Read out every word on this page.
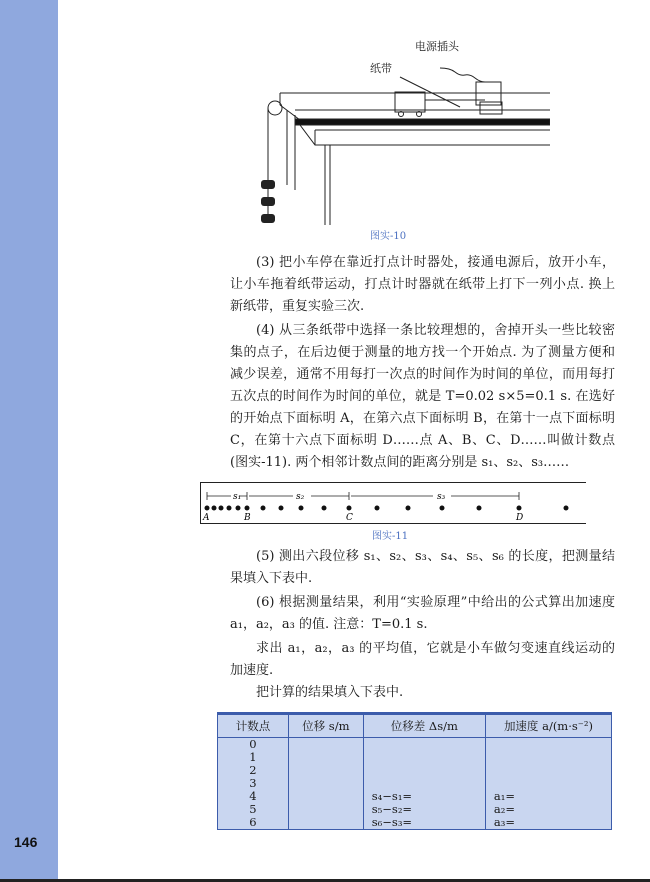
146
电源插头
纸带
图实-10

(3) 把小车停在靠近打点计时器处，接通电源后，放开小车，让小车拖着纸带运动，打点计时器就在纸带上打下一列小点. 换上新纸带，重复实验三次.

(4) 从三条纸带中选择一条比较理想的，舍掉开头一些比较密集的点子，在后边便于测量的地方找一个开始点. 为了测量方便和减少误差，通常不用每打一次点的时间作为时间的单位，而用每打五次点的时间作为时间的单位，就是 T=0.02 s×5=0.1 s. 在选好的开始点下面标明 A，在第六点下面标明 B，在第十一点下面标明 C，在第十六点下面标明 D……点 A、B、C、D……叫做计数点(图实-11). 两个相邻计数点间的距离分别是 s₁、s₂、s₃……

s₁	s₂	s₃
A	B	C	D
图实-11

(5) 测出六段位移 s₁、s₂、s₃、s₄、s₅、s₆ 的长度，把测量结果填入下表中.

(6) 根据测量结果，利用“实验原理”中给出的公式算出加速度 a₁，a₂，a₃ 的值. 注意：T=0.1 s.

求出 a₁，a₂，a₃ 的平均值，它就是小车做匀变速直线运动的加速度.

把计算的结果填入下表中.

计数点	位移 s/m	位移差 Δs/m	加速度 a/(m·s⁻²)
0			
1			
2			
3			
4		s₄−s₁=	a₁=
5		s₅−s₂=	a₂=
6		s₆−s₃=	a₃=
